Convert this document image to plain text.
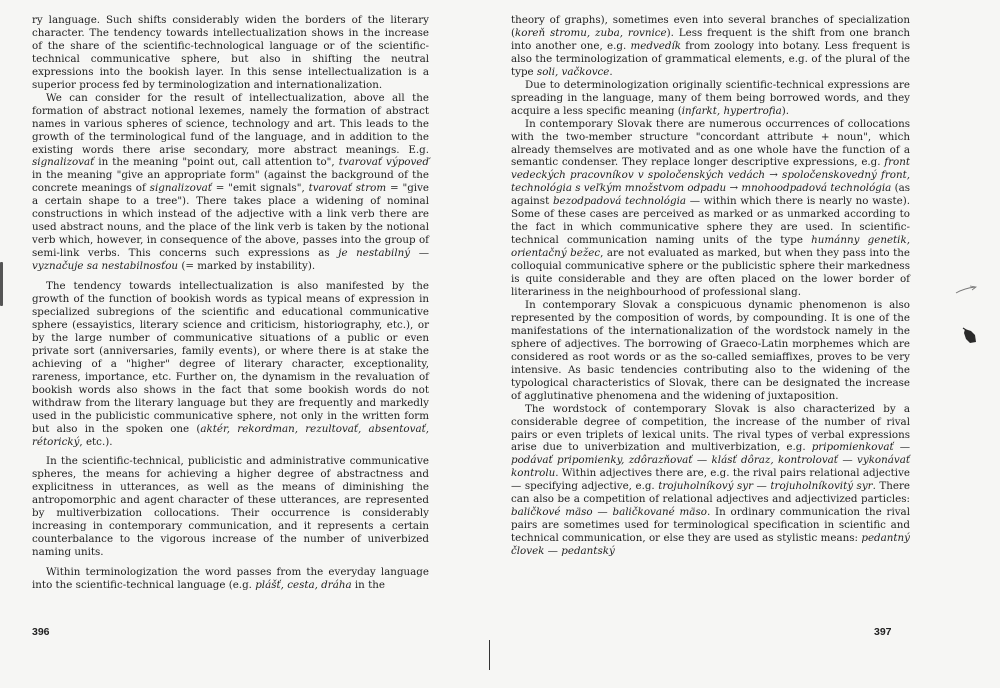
ry language. Such shifts considerably widen the borders of the literary character. The tendency towards intellectualization shows in the increase of the share of the scientific-technological language or of the scientific-technical communicative sphere, but also in shifting the neutral expressions into the bookish layer. In this sense intellectualization is a superior process fed by terminologization and internationalization.

We can consider for the result of intellectualization, above all the formation of abstract notional lexemes, namely the formation of abstract names in various spheres of science, technology and art. This leads to the growth of the terminological fund of the language, and in addition to the existing words there arise secondary, more abstract meanings. E.g. signalizovať in the meaning "point out, call attention to", tvarovať výpoveď in the meaning "give an appropriate form" (against the background of the concrete meanings of signalizovať = "emit signals", tvarovať strom = "give a certain shape to a tree"). There takes place a widening of nominal constructions in which instead of the adjective with a link verb there are used abstract nouns, and the place of the link verb is taken by the notional verb which, however, in consequence of the above, passes into the group of semi-link verbs. This concerns such expressions as je nestabilný — vyznačuje sa nestabilnosťou (= marked by instability).

The tendency towards intellectualization is also manifested by the growth of the function of bookish words as typical means of expression in specialized subregions of the scientific and educational communicative sphere (essayistics, literary science and criticism, historiography, etc.), or by the large number of communicative situations of a public or even private sort (anniversaries, family events), or where there is at stake the achieving of a "higher" degree of literary character, exceptionality, rareness, importance, etc. Further on, the dynamism in the revaluation of bookish words also shows in the fact that some bookish words do not withdraw from the literary language but they are frequently and markedly used in the publicistic communicative sphere, not only in the written form but also in the spoken one (aktér, rekordman, rezultovať, absentovať, rétorický, etc.).

In the scientific-technical, publicistic and administrative communicative spheres, the means for achieving a higher degree of abstractness and explicitness in utterances, as well as the means of diminishing the antropomorphic and agent character of these utterances, are represented by multiverbization collocations. Their occurrence is considerably increasing in contemporary communication, and it represents a certain counterbalance to the vigorous increase of the number of univerbized naming units.

Within terminologization the word passes from the everyday language into the scientific-technical language (e.g. plášť, cesta, dráha in the

396

theory of graphs), sometimes even into several branches of specialization (koreň stromu, zuba, rovnice). Less frequent is the shift from one branch into another one, e.g. medvedík from zoology into botany. Less frequent is also the terminologization of grammatical elements, e.g. of the plural of the type soli, vačkovce.

Due to determinologization originally scientific-technical expressions are spreading in the language, many of them being borrowed words, and they acquire a less specific meaning (infarkt, hypertrofia).

In contemporary Slovak there are numerous occurrences of collocations with the two-member structure "concordant attribute + noun", which already themselves are motivated and as one whole have the function of a semantic condenser. They replace longer descriptive expressions, e.g. front vedeckých pracovníkov v spoločenských vedách → spoločenskovedný front, technológia s veľkým množstvom odpadu → mnohoodpadová technológia (as against bezodpadová technológia — within which there is nearly no waste). Some of these cases are perceived as marked or as unmarked according to the fact in which communicative sphere they are used. In scientific-technical communication naming units of the type humánny genetik, orientačný bežec, are not evaluated as marked, but when they pass into the colloquial communicative sphere or the publicistic sphere their markedness is quite considerable and they are often placed on the lower border of literariness in the neighbourhood of professional slang.

In contemporary Slovak a conspicuous dynamic phenomenon is also represented by the composition of words, by compounding. It is one of the manifestations of the internationalization of the wordstock namely in the sphere of adjectives. The borrowing of Graeco-Latin morphemes which are considered as root words or as the so-called semiaffixes, proves to be very intensive. As basic tendencies contributing also to the widening of the typological characteristics of Slovak, there can be designated the increase of agglutinative phenomena and the widening of juxtaposition.

The wordstock of contemporary Slovak is also characterized by a considerable degree of competition, the increase of the number of rival pairs or even triplets of lexical units. The rival types of verbal expressions arise due to univerbization and multiverbization, e.g. pripomienkovať — podávať pripomienky, zdôrazňovať — klásť dôraz, kontrolovať — vykonávať kontrolu. Within adjectives there are, e.g. the rival pairs relational adjective — specifying adjective, e.g. trojuholníkový syr — trojuholníkovitý syr. There can also be a competition of relational adjectives and adjectivized particles: baličkové mäso — baličkované mäso. In ordinary communication the rival pairs are sometimes used for terminological specification in scientific and technical communication, or else they are used as stylistic means: pedantný človek — pedantský

397
